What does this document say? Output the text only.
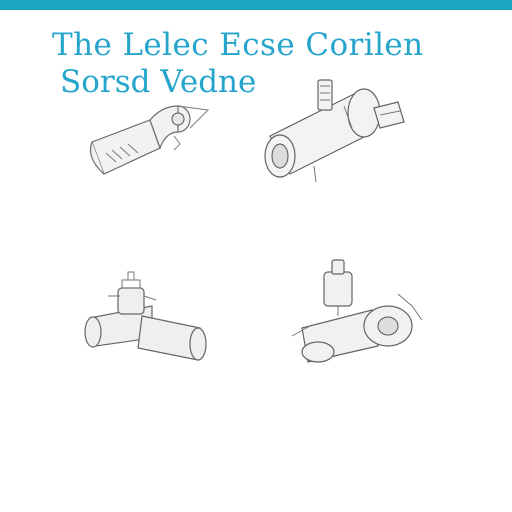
The Lelec Ecse Corilen
Sorsd Vedne
